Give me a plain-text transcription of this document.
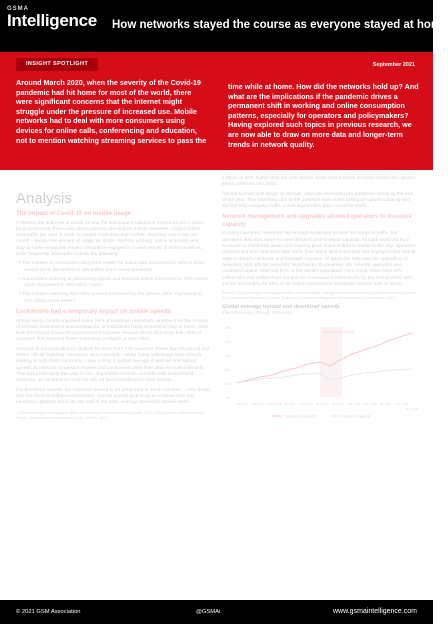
GSMA
Intelligence How networks stayed the course as everyone stayed at home
INSIGHT SPOTLIGHT	September 2021

Around March 2020, when the severity of the Covid-19 pandemic had hit home for most of the world, there were significant concerns that the internet might struggle under the pressure of increased use. Mobile networks had to deal with more consumers using devices for online calls, conferencing and education, not to mention watching streaming services to pass the

time while at home. How did the networks hold up? And what are the implications if the pandemic drives a permanent shift in working and online consumption patterns, especially for operators and policymakers? Having explored such topics in previous research, we are now able to draw on more data and longer-term trends in network quality.

Analysis
The impact of Covid-19 on mobile usage

Following the outbreak of Covid-19 and the subsequent mitigation measures put in place by governments, there was unprecedented demand on mobile networks. Global mobile data traffic per user in 2020 increased more than ever before, reaching over 6 GB per month – double the amount of usage for 2018.¹ Remote working, online schooling and stay-at-home measures meant consumers engaged in a wide variety of online activities, more frequently. Examples include the following:

• The number of consumers using their mobile for video calls increased by 15% in 2020 versus 2019, equivalent to 440 million more users worldwide.

• Subscribers ordering or purchasing goods and services online increased by 10% versus 2019, equivalent to 300 million users.

• The number watching free video content increased by 9% versus 2019, equivalent to 270 million more users.²

Lockdowns had a temporary impact on mobile speeds

Almost every country imposed some form of lockdown restriction, whether it be the closure of schools, businesses and workplaces, or individuals being required to stay at home. Data from the Oxford Covid-19 Government Response Tracker shows that more than 90% of countries first imposed these restrictions in March or April 2020.

Analysis of data provided by Ookla® for more than 170 countries shows that the period just before official lockdown measures were imposed – when many individuals were already starting to lock down voluntarily – saw a drop in global average download and upload speeds as network congestion soared and consumers used their devices more intensely. This was particularly the case in low- and middle-income countries with limited fixed networks, as consumers could not rely on fixed broadband in their homes.

For download speeds, the reduction proved to be temporary in most countries – even those with low fixed broadband penetration, speeds quickly picked up to continue their pre-pandemic upwards trend. By the end of the year, average download speeds were

¹ GSMA Intelligence analysis of data sourced from Ericsson Mobility Report, 2021 ² 2020 Mobile Industry Impact Report: Sustainable Development Goals, GSMA, 2021

4 Mbps or 20% higher than the year before. More recent Ookla analysis shows this upward trend continued into 2021.

Upload speeds took longer to recover, only just exceeding pre-pandemic levels by the end of the year. This was likely due to the pressure from video calling on upload capacity and the fact that everyday traffic is less asymmetric than consumer traffic.

Network management and upgrades allowed operators to increase capacity

In many countries, networks had enough headroom to meet the surge in traffic, but operators also took steps to meet demand and increase capacity. As work switched from business to residential areas and evening peak hours shifted to earlier in the day, operators redistributed and optimised data traffic flow. Many also expanded and deployed new mobile sites to densify networks and increase capacity. Of particular note was the upgrading of networks, with 101 5G networks launched in 40 countries. 4G network upgrades also continued apace, reaching 87% of the world's population. As a result, there were 475 million and 225 million more 4G and 5G connections respectively by the end of 2020, with 4G/5G accounting for 68% of all mobile connections worldwide (versus 62% in 2019).

Source: GSMA Intelligence analysis, based on Speedtest® Intelligence data provided by Ookla® and Oxford Covid-19 Government Response Tracker. Based on Speedtest Intelligence data accessed in September 2021.

Global average upload and download speeds
Internet speeds (January 2019=100)
140
130
120
110
100
90
Start of lockdowns
Jan 2019 Mar 2019 May 2019 Jul 2019 Sep 2019 Nov 2019 Jan 2020 Mar 2020 May 2020 Jul 2020 Sep 2020
Nov 2020
Download speeds	Upload speeds
© 2021 GSM Association	@GSMAi	www.gsmaintelligence.com
